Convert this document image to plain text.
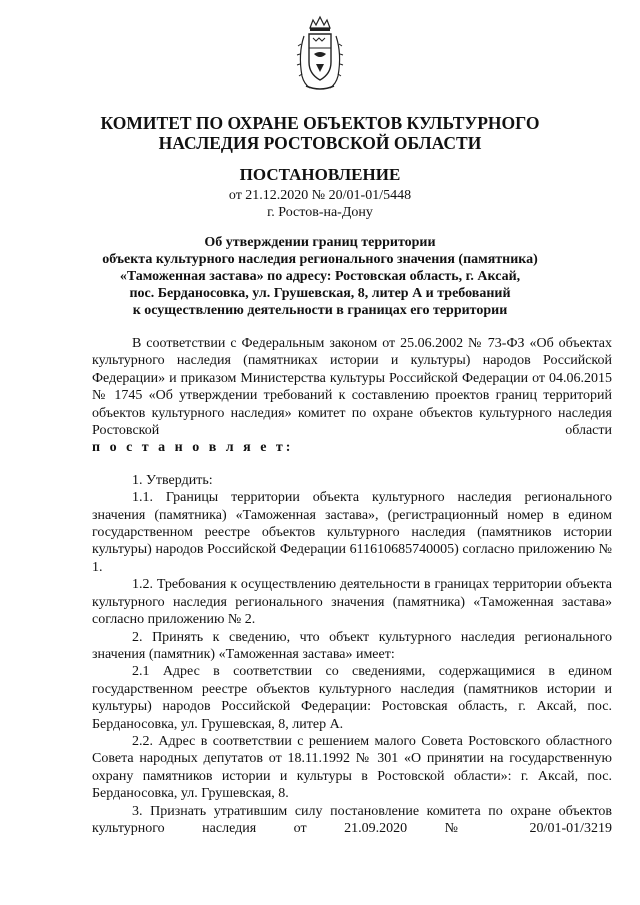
КОМИТЕТ ПО ОХРАНЕ ОБЪЕКТОВ КУЛЬТУРНОГО
НАСЛЕДИЯ РОСТОВСКОЙ ОБЛАСТИ
ПОСТАНОВЛЕНИЕ
от 21.12.2020 № 20/01-01/5448
г. Ростов-на-Дону
Об утверждении границ территории
объекта культурного наследия регионального значения (памятника)
«Таможенная застава» по адресу: Ростовская область, г. Аксай,
пос. Берданосовка, ул. Грушевская, 8, литер А и требований
к осуществлению деятельности в границах его территории

В соответствии с Федеральным законом от 25.06.2002 № 73-ФЗ «Об объектах культурного наследия (памятниках истории и культуры) народов Российской Федерации» и приказом Министерства культуры Российской Федерации от 04.06.2015 № 1745 «Об утверждении требований к составлению проектов границ территорий объектов культурного наследия» комитет по охране объектов культурного наследия Ростовской области

п о с т а н о в л я е т:

1. Утвердить:

1.1. Границы территории объекта культурного наследия регионального значения (памятника) «Таможенная застава», (регистрационный номер в едином государственном реестре объектов культурного наследия (памятников истории культуры) народов Российской Федерации 611610685740005) согласно приложению № 1.

1.2. Требования к осуществлению деятельности в границах территории объекта культурного наследия регионального значения (памятника) «Таможенная застава» согласно приложению № 2.

2. Принять к сведению, что объект культурного наследия регионального значения (памятник) «Таможенная застава» имеет:

2.1 Адрес в соответствии со сведениями, содержащимися в едином государственном реестре объектов культурного наследия (памятников истории и культуры) народов Российской Федерации: Ростовская область, г. Аксай, пос. Берданосовка, ул. Грушевская, 8, литер А.

2.2. Адрес в соответствии с решением малого Совета Ростовского областного Совета народных депутатов от 18.11.1992 № 301 «О принятии на государственную охрану памятников истории и культуры в Ростовской области»: г. Аксай, пос. Берданосовка, ул. Грушевская, 8.

3. Признать утратившим силу постановление комитета по охране объектов культурного наследия от 21.09.2020 № 20/01-01/3219
